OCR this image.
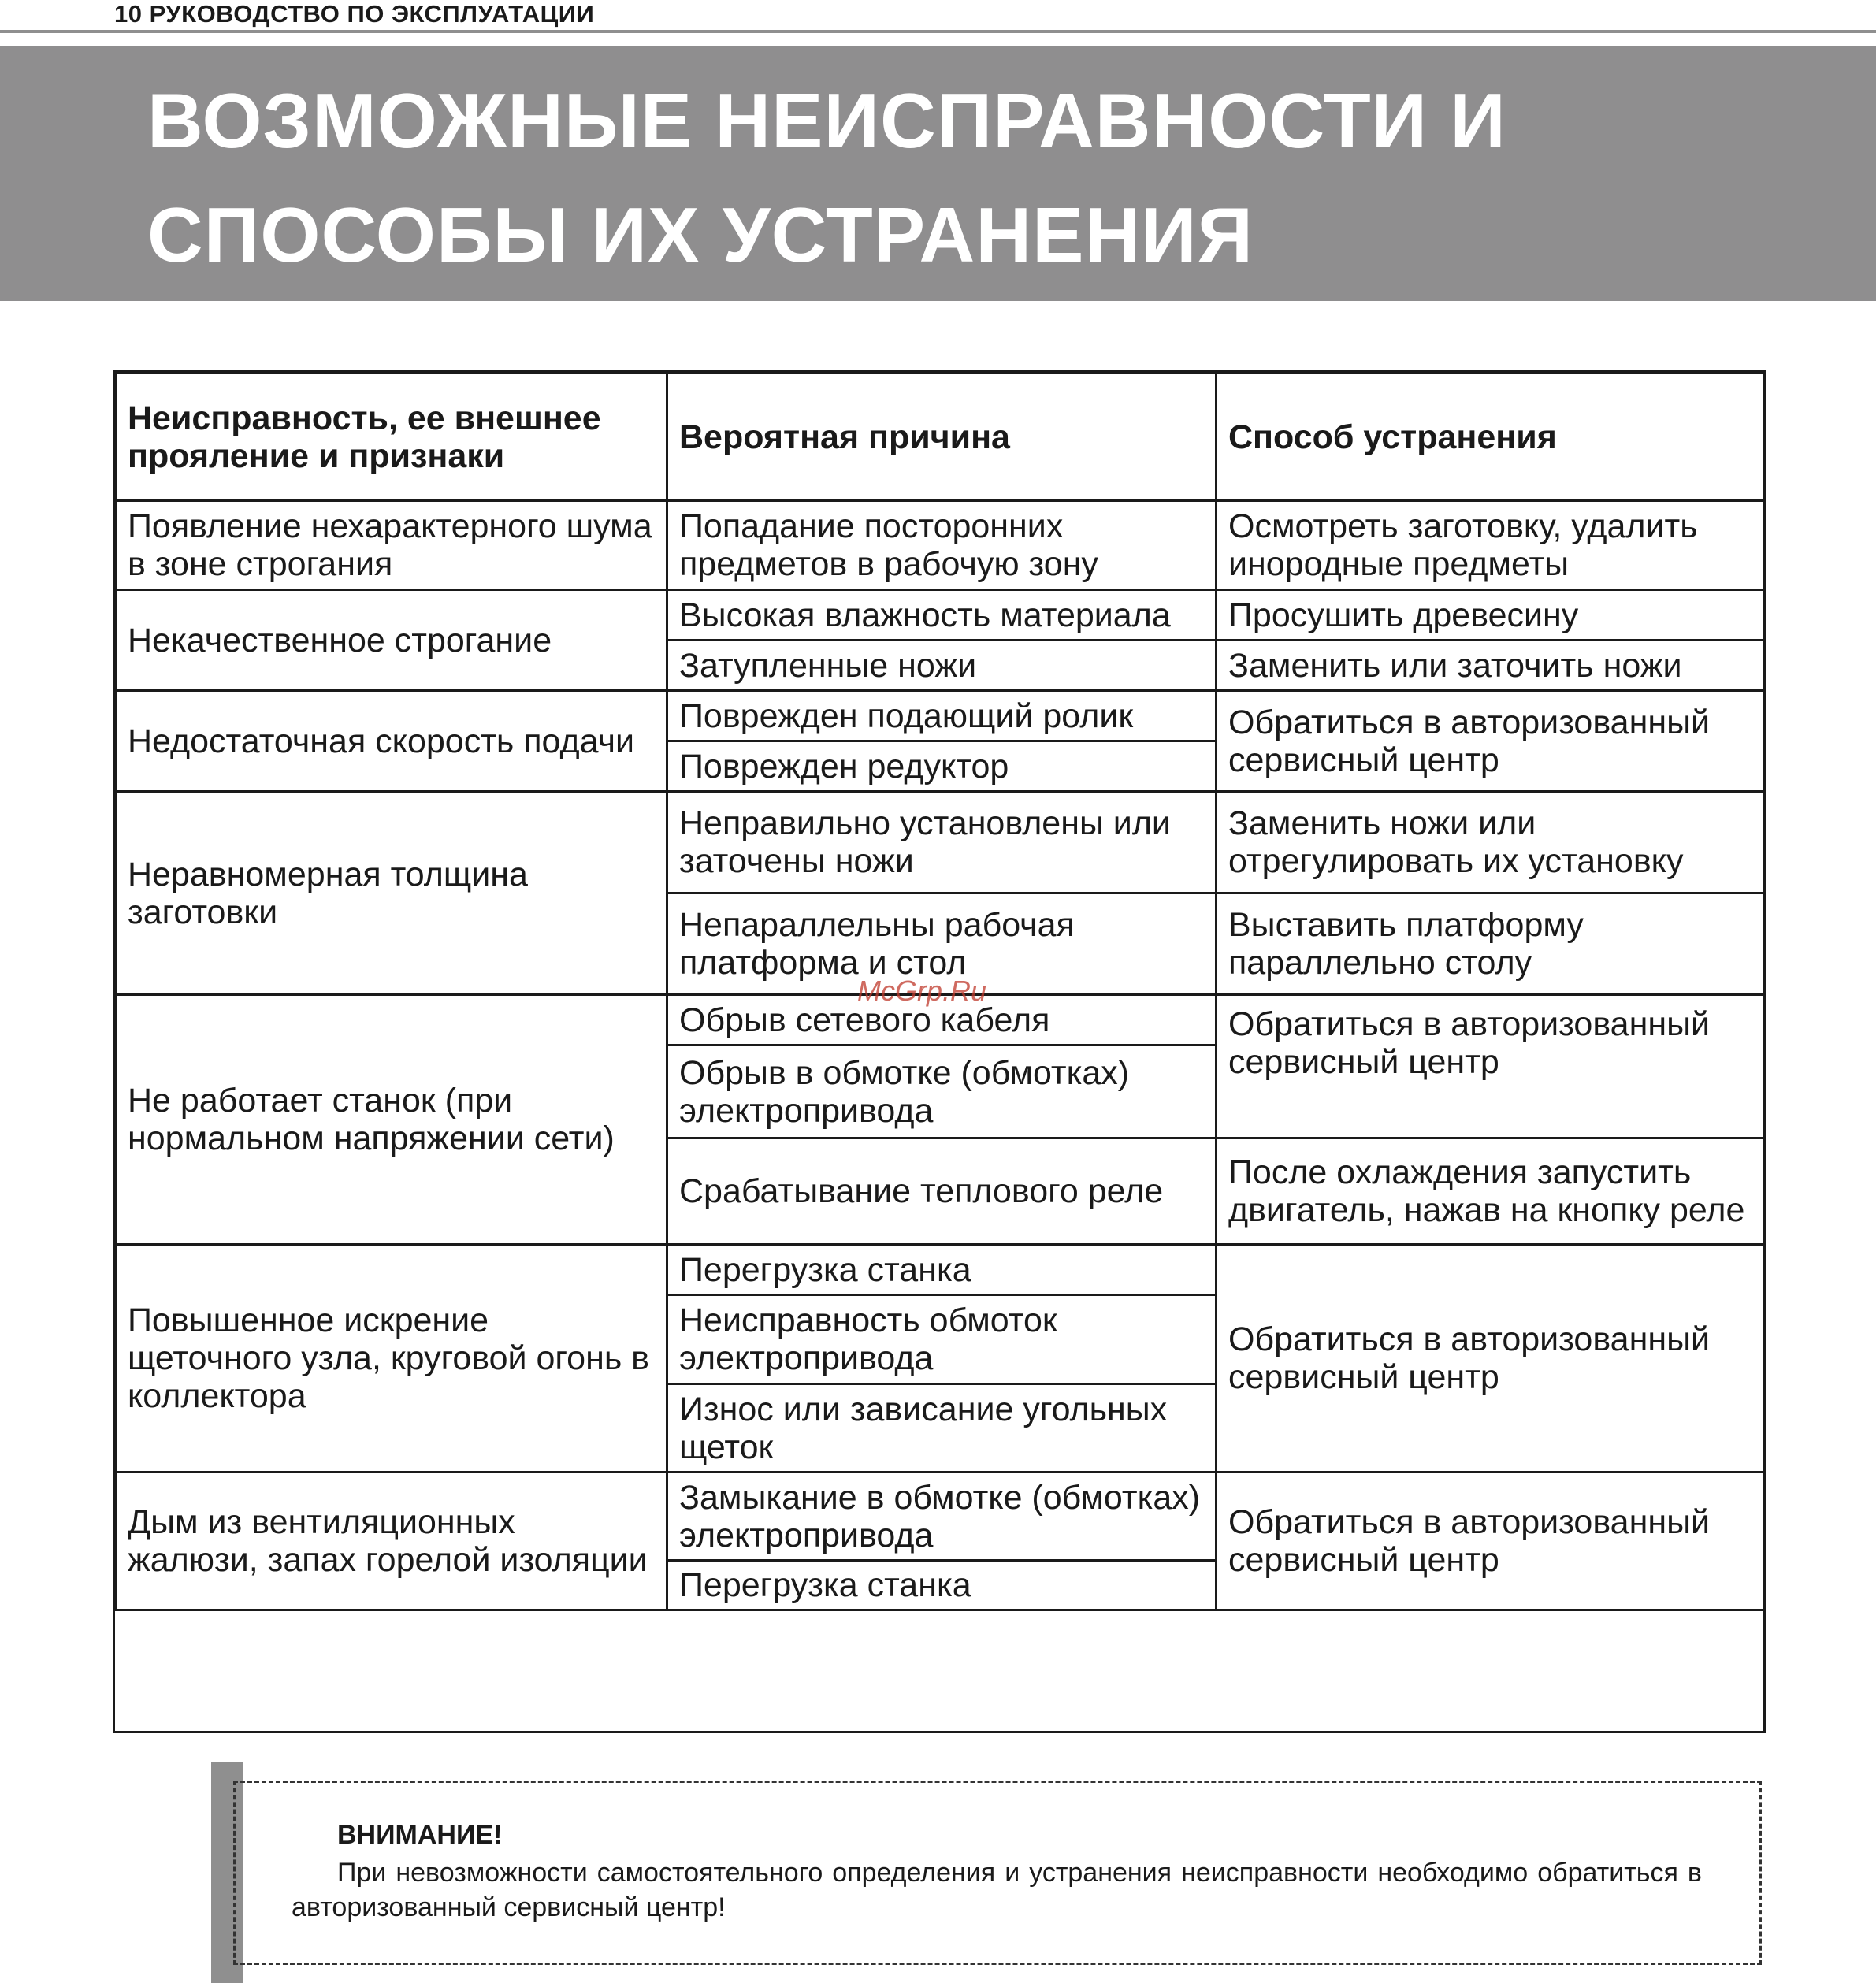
10 РУКОВОДСТВО ПО ЭКСПЛУАТАЦИИ
ВОЗМОЖНЫЕ НЕИСПРАВНОСТИ И
СПОСОБЫ ИХ УСТРАНЕНИЯ
Неисправность, ее внешнее прояление и признаки	Вероятная причина	Способ устранения
Появление нехарактерного шума в зоне строгания	Попадание посторонних предметов в рабочую зону	Осмотреть заготовку, удалить инородные предметы
Некачественное строгание	Высокая влажность материала	Просушить древесину
	Затупленные ножи	Заменить или заточить ножи
Недостаточная скорость подачи	Поврежден подающий ролик	Обратиться в авторизованный сервисный центр
	Поврежден редуктор	
Неравномерная толщина заготовки	Неправильно установлены или заточены ножи	Заменить ножи или отрегулировать их установку
	Непараллельны рабочая платформа и стол	Выставить платформу параллельно столу
Не работает станок (при нормальном напряжении сети)	Обрыв сетевого кабеля	Обратиться в авторизованный сервисный центр
	Обрыв в обмотке (обмотках) электропривода	
	Срабатывание теплового реле	После охлаждения запустить двигатель, нажав на кнопку реле
Повышенное искрение щеточного узла, круговой огонь в коллектора	Перегрузка станка	Обратиться в авторизованный сервисный центр
	Неисправность обмоток электропривода	
	Износ или зависание угольных щеток	
Дым из вентиляционных жалюзи, запах горелой изоляции	Замыкание в обмотке (обмотках) электропривода	Обратиться в авторизованный сервисный центр
	Перегрузка станка	
McGrp.Ru
ВНИМАНИЕ!
При невозможности самостоятельного определения и устранения неисправности необходимо обратиться в авторизованный сервисный центр!
